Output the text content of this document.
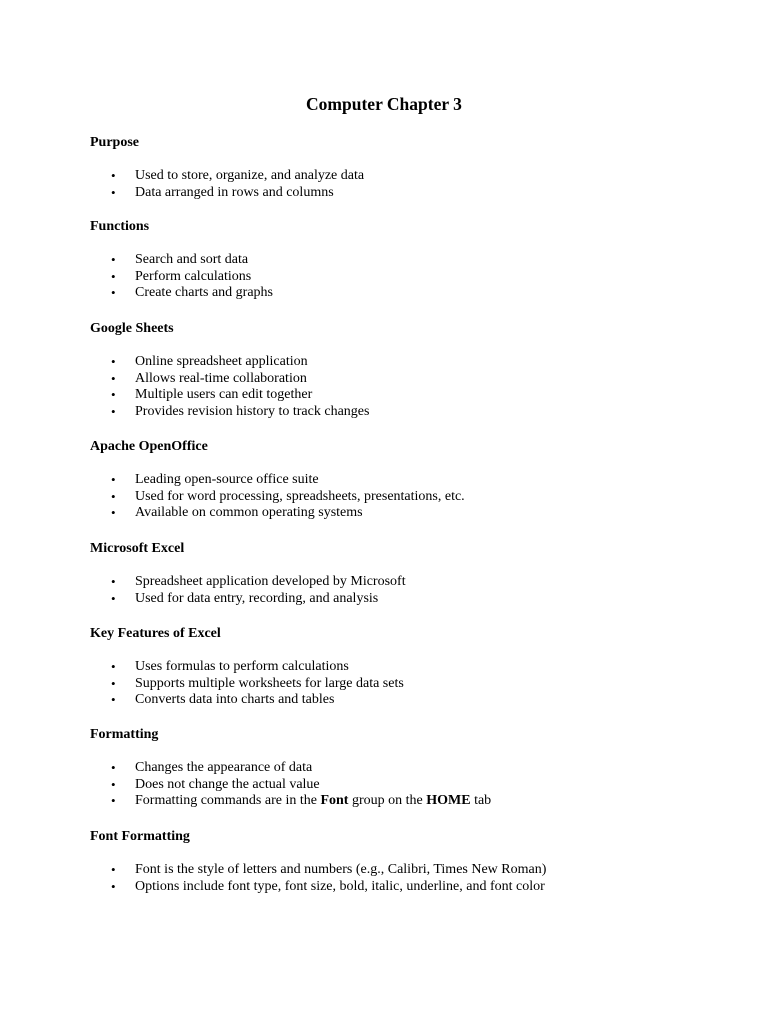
Computer Chapter 3
Purpose
• Used to store, organize, and analyze data
• Data arranged in rows and columns
Functions
• Search and sort data
• Perform calculations
• Create charts and graphs
Google Sheets
• Online spreadsheet application
• Allows real-time collaboration
• Multiple users can edit together
• Provides revision history to track changes
Apache OpenOffice
• Leading open-source office suite
• Used for word processing, spreadsheets, presentations, etc.
• Available on common operating systems
Microsoft Excel
• Spreadsheet application developed by Microsoft
• Used for data entry, recording, and analysis
Key Features of Excel
• Uses formulas to perform calculations
• Supports multiple worksheets for large data sets
• Converts data into charts and tables
Formatting
• Changes the appearance of data
• Does not change the actual value
• Formatting commands are in the Font group on the HOME tab
Font Formatting
• Font is the style of letters and numbers (e.g., Calibri, Times New Roman)
• Options include font type, font size, bold, italic, underline, and font color
